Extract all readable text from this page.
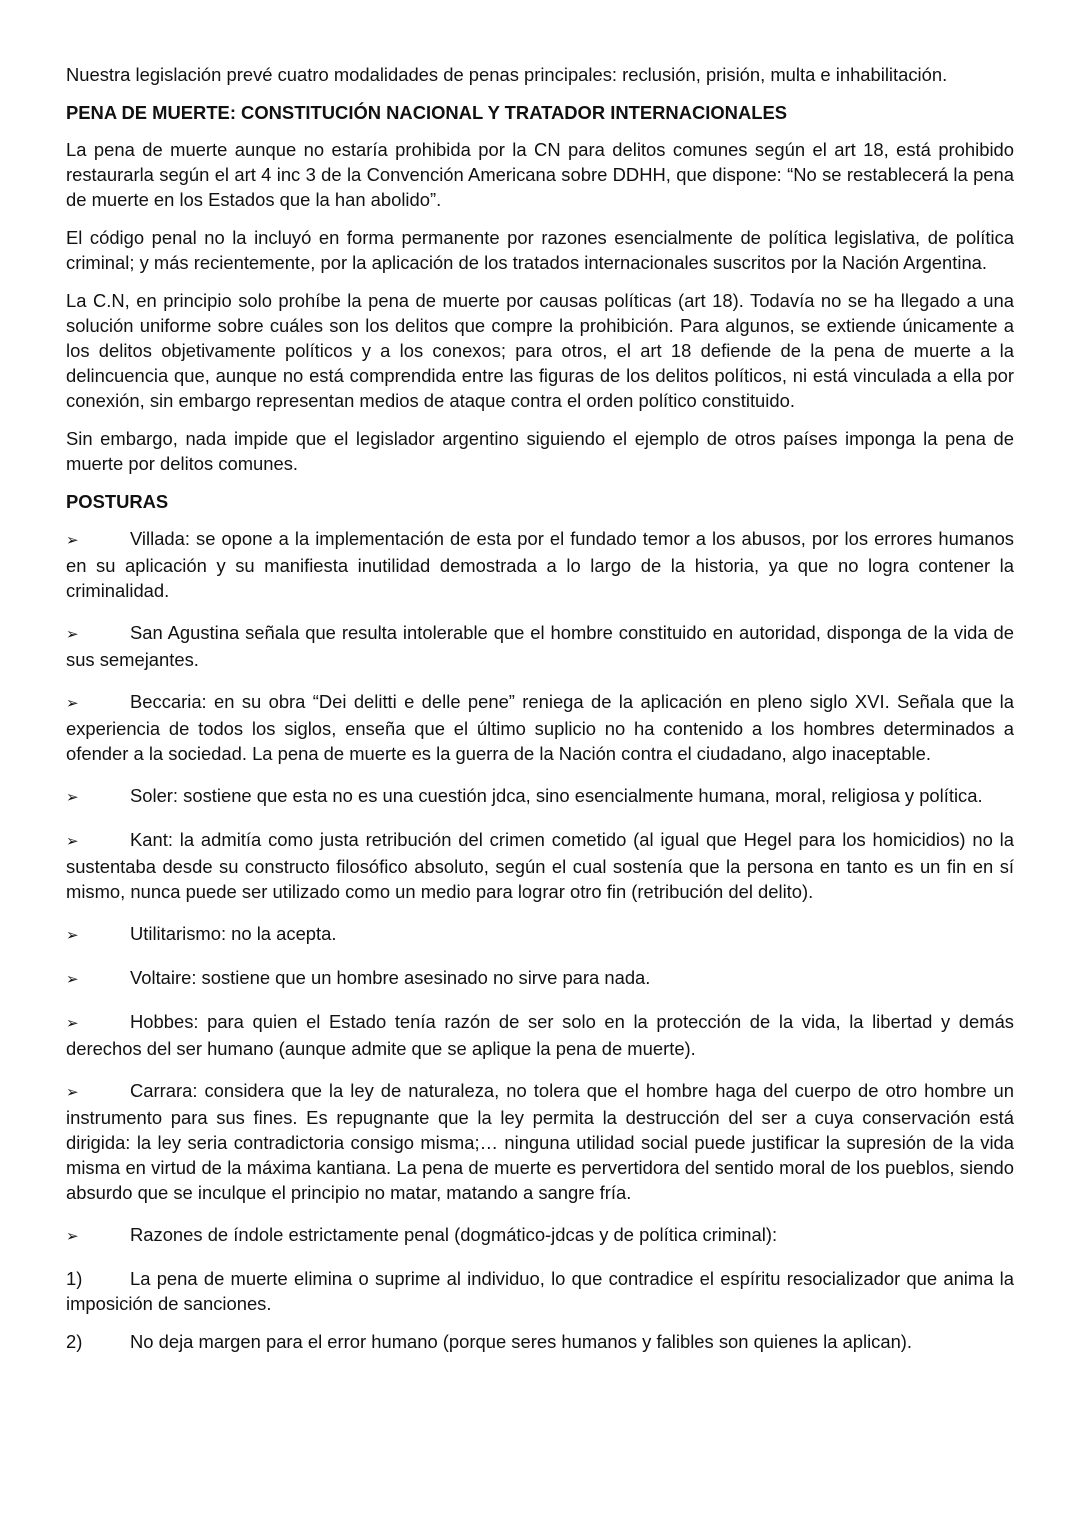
Nuestra legislación prevé cuatro modalidades de penas principales: reclusión, prisión, multa e inhabilitación.

PENA DE MUERTE: CONSTITUCIÓN NACIONAL Y TRATADOR INTERNACIONALES

La pena de muerte aunque no estaría prohibida por la CN para delitos comunes según el art 18, está prohibido restaurarla según el art 4 inc 3 de la Convención Americana sobre DDHH, que dispone: “No se restablecerá la pena de muerte en los Estados que la han abolido”.

El código penal no la incluyó en forma permanente por razones esencialmente de política legislativa, de política criminal; y más recientemente, por la aplicación de los tratados internacionales suscritos por la Nación Argentina.

La C.N, en principio solo prohíbe la pena de muerte por causas políticas (art 18). Todavía no se ha llegado a una solución uniforme sobre cuáles son los delitos que compre la prohibición. Para algunos, se extiende únicamente a los delitos objetivamente políticos y a los conexos; para otros, el art 18 defiende de la pena de muerte a la delincuencia que, aunque no está comprendida entre las figuras de los delitos políticos, ni está vinculada a ella por conexión, sin embargo representan medios de ataque contra el orden político constituido.

Sin embargo, nada impide que el legislador argentino siguiendo el ejemplo de otros países imponga la pena de muerte por delitos comunes.

POSTURAS
➢	Villada: se opone a la implementación de esta por el fundado temor a los abusos, por los errores humanos en su aplicación y su manifiesta inutilidad demostrada a lo largo de la historia, ya que no logra contener la criminalidad.
➢	San Agustina señala que resulta intolerable que el hombre constituido en autoridad, disponga de la vida de sus semejantes.
➢	Beccaria: en su obra “Dei delitti e delle pene” reniega de la aplicación en pleno siglo XVI. Señala que la experiencia de todos los siglos, enseña que el último suplicio no ha contenido a los hombres determinados a ofender a la sociedad. La pena de muerte es la guerra de la Nación contra el ciudadano, algo inaceptable.
➢	Soler: sostiene que esta no es una cuestión jdca, sino esencialmente humana, moral, religiosa y política.
➢	Kant: la admitía como justa retribución del crimen cometido (al igual que Hegel para los homicidios) no la sustentaba desde su constructo filosófico absoluto, según el cual sostenía que la persona en tanto es un fin en sí mismo, nunca puede ser utilizado como un medio para lograr otro fin (retribución del delito).
➢	Utilitarismo: no la acepta.
➢	Voltaire: sostiene que un hombre asesinado no sirve para nada.
➢	Hobbes: para quien el Estado tenía razón de ser solo en la protección de la vida, la libertad y demás derechos del ser humano (aunque admite que se aplique la pena de muerte).
➢	Carrara: considera que la ley de naturaleza, no tolera que el hombre haga del cuerpo de otro hombre un instrumento para sus fines. Es repugnante que la ley permita la destrucción del ser a cuya conservación está dirigida: la ley seria contradictoria consigo misma;… ninguna utilidad social puede justificar la supresión de la vida misma en virtud de la máxima kantiana. La pena de muerte es pervertidora del sentido moral de los pueblos, siendo absurdo que se inculque el principio no matar, matando a sangre fría.
➢	Razones de índole estrictamente penal (dogmático-jdcas y de política criminal):
1)	La pena de muerte elimina o suprime al individuo, lo que contradice el espíritu resocializador que anima la imposición de sanciones.
2)	No deja margen para el error humano (porque seres humanos y falibles son quienes la aplican).
